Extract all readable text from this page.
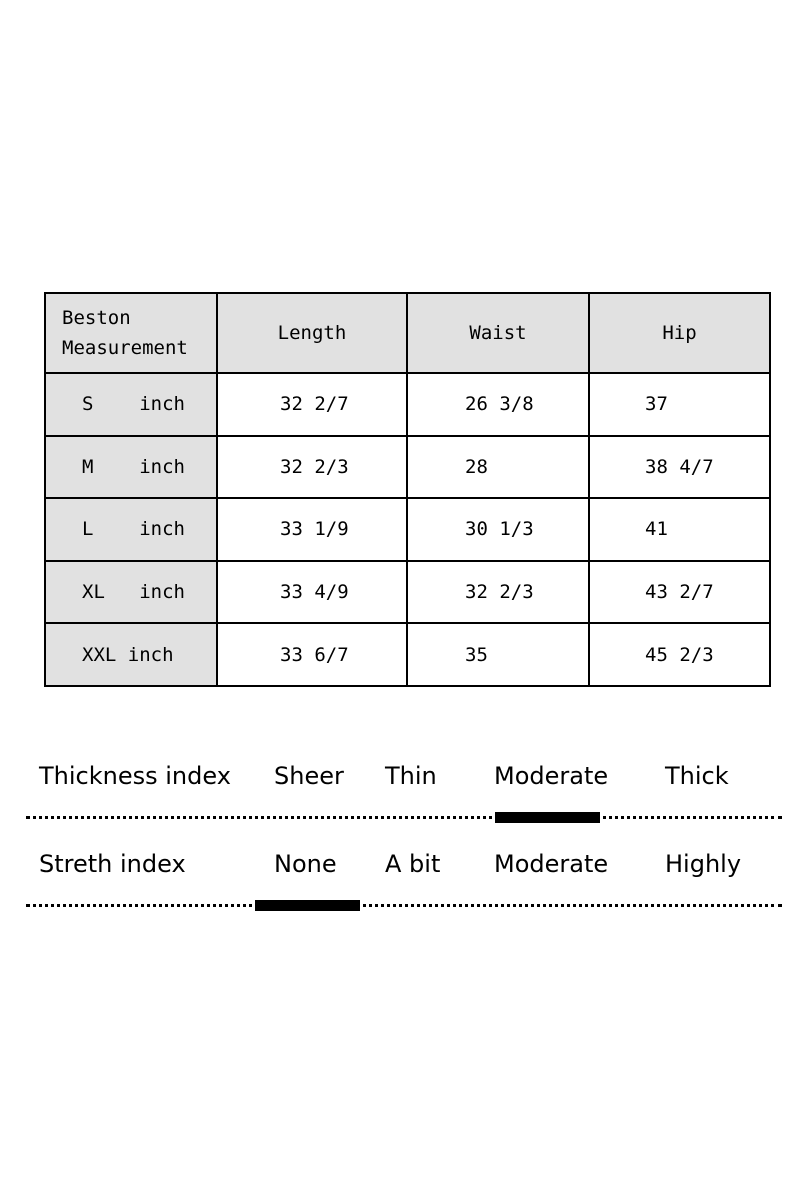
Beston
Measurement	Length	Waist	Hip
S    inch	32 2/7	26 3/8	37
M    inch	32 2/3	28	38 4/7
L    inch	33 1/9	30 1/3	41
XL   inch	33 4/9	32 2/3	43 2/7
XXL inch	33 6/7	35	45 2/3
Thickness index Sheer Thin Moderate Thick
Streth index	None A bit Moderate Highly
